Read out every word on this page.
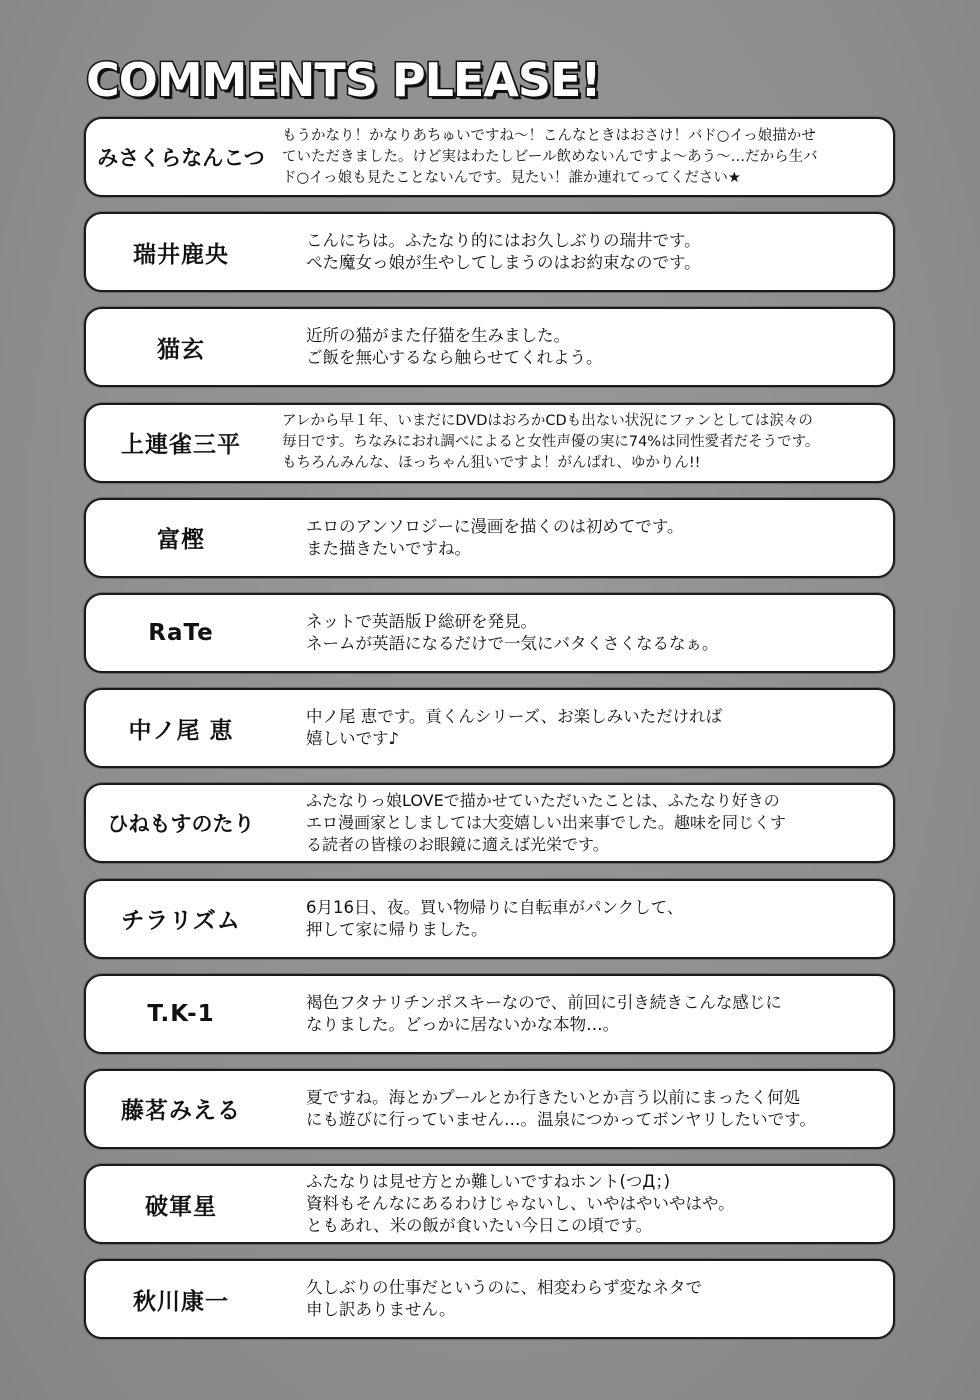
COMMENTS PLEASE!
みさくらなんこつ
もうかなり！かなりあちゅいですね〜！こんなときはおさけ！バド○イっ娘描かせ
ていただきました。けど実はわたしビール飲めないんですよ〜あう〜…だから生バ
ド○イっ娘も見たことないんです。見たい！誰か連れてってください★
瑞井鹿央
こんにちは。ふたなり的にはお久しぶりの瑞井です。
ぺた魔女っ娘が生やしてしまうのはお約束なのです。
猫玄
近所の猫がまた仔猫を生みました。
ご飯を無心するなら触らせてくれよう。
上連雀三平
アレから早１年、いまだにDVDはおろかCDも出ない状況にファンとしては涙々の
毎日です。ちなみにおれ調べによると女性声優の実に74%は同性愛者だそうです。
もちろんみんな、ほっちゃん狙いですよ！がんばれ、ゆかりん!!
富樫
エロのアンソロジーに漫画を描くのは初めてです。
また描きたいですね。
RaTe	ネットで英語版Ｐ総研を発見。
ネームが英語になるだけで一気にバタくさくなるなぁ。
中ノ尾 恵
中ノ尾 恵です。貢くんシリーズ、お楽しみいただければ
嬉しいです♪
ひねもすのたり
ふたなりっ娘LOVEで描かせていただいたことは、ふたなり好きの
エロ漫画家としましては大変嬉しい出来事でした。趣味を同じくす
る読者の皆様のお眼鏡に適えば光栄です。
チラリズム
6月16日、夜。買い物帰りに自転車がパンクして、
押して家に帰りました。
T.K-1	褐色フタナリチンポスキーなので、前回に引き続きこんな感じに
なりました。どっかに居ないかな本物…。
藤茗みえる
夏ですね。海とかプールとか行きたいとか言う以前にまったく何処
にも遊びに行っていません…。温泉につかってボンヤリしたいです。
破軍星
ふたなりは見せ方とか難しいですねホント(つД；)
資料もそんなにあるわけじゃないし、いやはやいやはや。
ともあれ、米の飯が食いたい今日この頃です。
秋川康一
久しぶりの仕事だというのに、相変わらず変なネタで
申し訳ありません。
